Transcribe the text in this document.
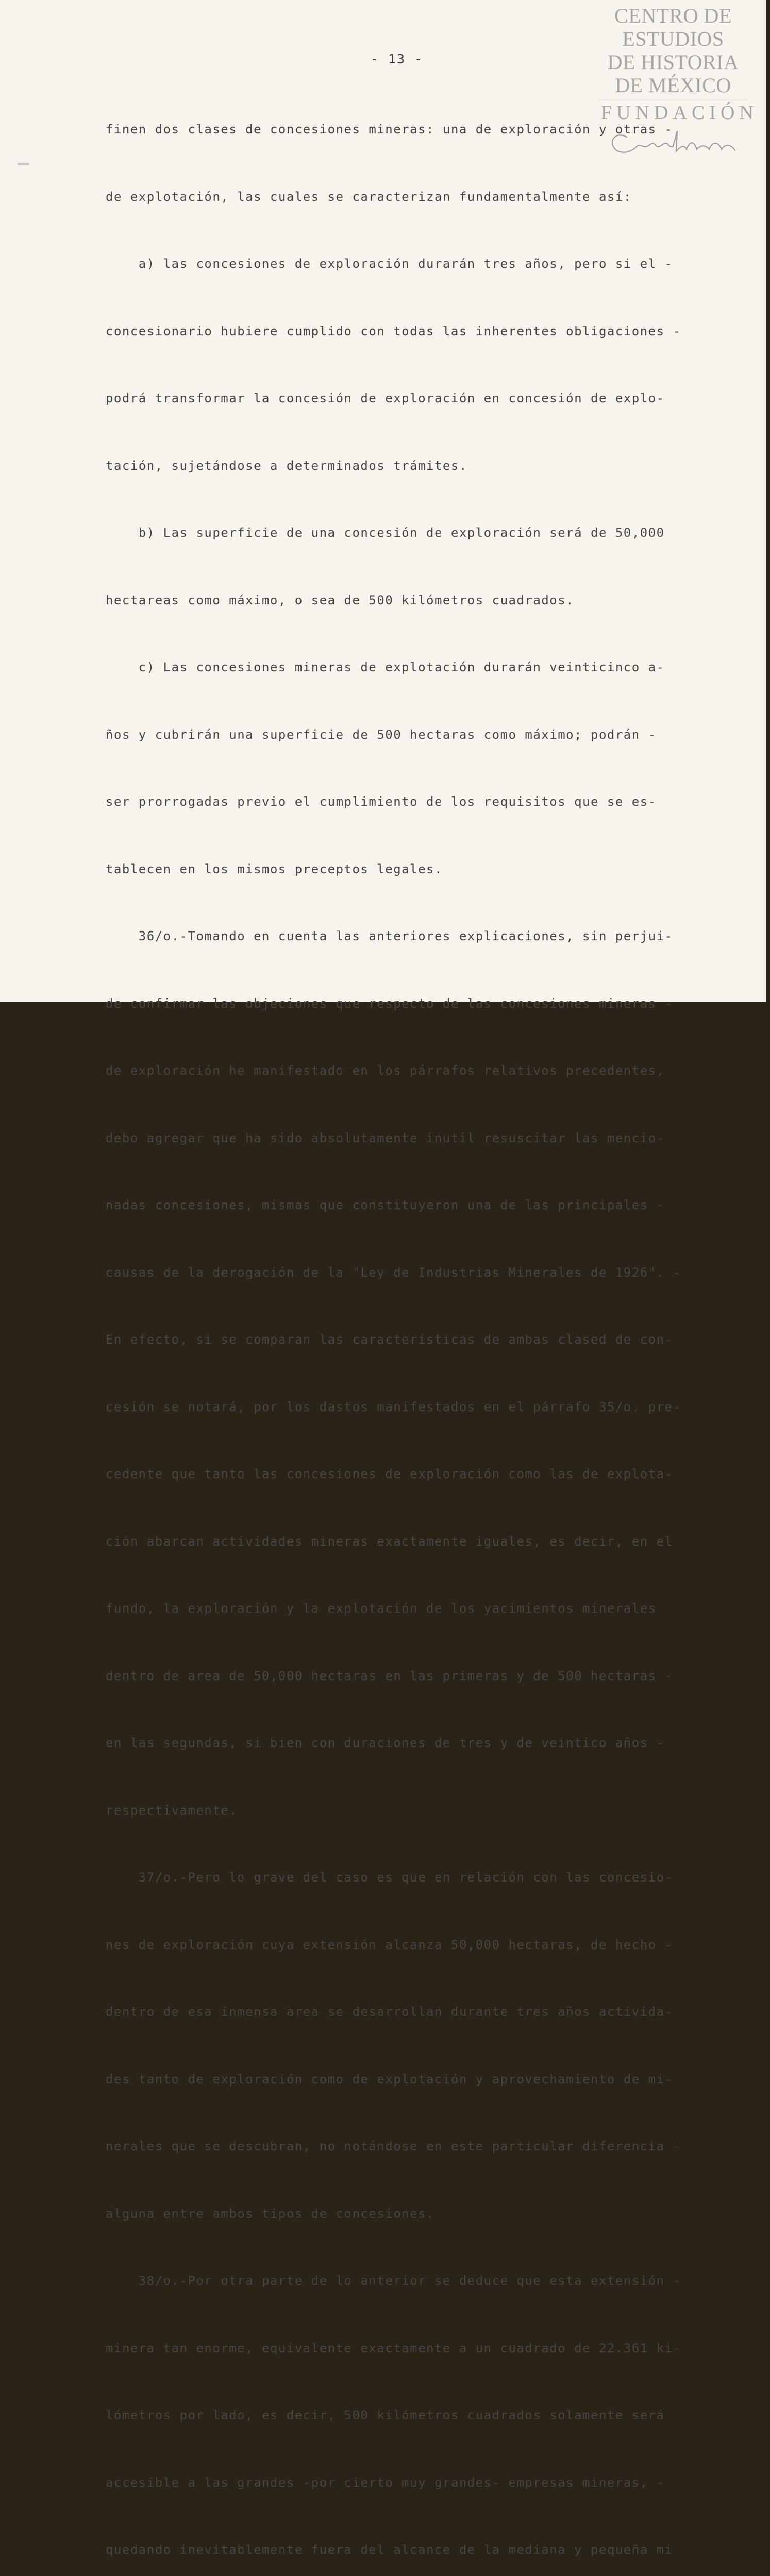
CENTRO DE
ESTUDIOS
DE HISTORIA
DE MÉXICO
FUNDACIÓN
- 13 -

finen dos clases de concesiones mineras: una de exploración y otras -

de explotación, las cuales se caracterizan fundamentalmente así:

a) las concesiones de exploración durarán tres años, pero si el -

concesionario hubiere cumplido con todas las inherentes obligaciones -

podrá transformar la concesión de exploración en concesión de explo-

tación, sujetándose a determinados trámites.

b) Las superficie de una concesión de exploración será de 50,000

hectareas como máximo, o sea de 500 kilómetros cuadrados.

c) Las concesiones mineras de explotación durarán veinticinco a-

ños y cubrirán una superficie de 500 hectaras como máximo; podrán -

ser prorrogadas previo el cumplimiento de los requisitos que se es-

tablecen en los mismos preceptos legales.

36/o.-Tomando en cuenta las anteriores explicaciones, sin perjui-

de confirmar las objeciones que respecto de las concesiones mineras -

de exploración he manifestado en los párrafos relativos precedentes,

debo agregar que ha sido absolutamente inutil resuscitar las mencio-

nadas concesiones, mismas que constituyeron una de las principales -

causas de la derogación de la "Ley de Industrias Minerales de 1926". -

En efecto, si se comparan las características de ambas clased de con-

cesión se notará, por los dastos manifestados en el párrafo 35/o. pre-

cedente que tanto las concesiones de exploración como las de explota-

ción abarcan actividades mineras exactamente iguales, es decir, en el

fundo, la exploración y la explotación de los yacimientos minerales

dentro de area de 50,000 hectaras en las primeras y de 500 hectaras -

en las segundas, si bien con duraciones de tres y de veintico años -

respectivamente.

37/o.-Pero lo grave del caso es que en relación con las concesio-

nes de exploración cuya extensión alcanza 50,000 hectaras, de hecho -

dentro de esa inmensa area se desarrollan durante tres años activida-

des tanto de exploración como de explotación y aprovechamiento de mi-

nerales que se descubran, no notándose en este particular diferencia -

alguna entre ambos tipos de concesiones.

38/o.-Por otra parte de lo anterior se deduce que esta extensión -

minera tan enorme, equivalente exactamente a un cuadrado de 22.361 ki-

lómetros por lado, es decir, 500 kilómetros cuadrados solamente será

accesible a las grandes -por cierto muy grandes- empresas mineras, -

quedando inevitablemente fuera del alcance de la mediana y pequeña mi
